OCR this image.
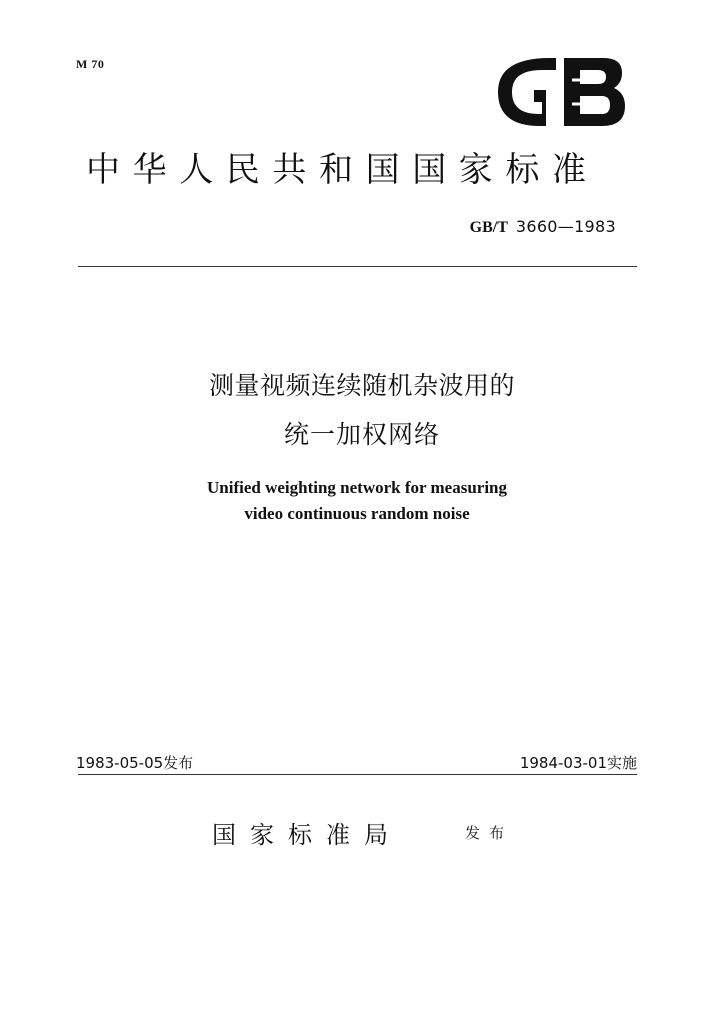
M 70
中华人民共和国国家标准
GB/T 3660—1983
测量视频连续随机杂波用的
统一加权网络
Unified weighting network for measuring
video continuous random noise
1983-05-05发布	1984-03-01实施
国家标准局	发布
